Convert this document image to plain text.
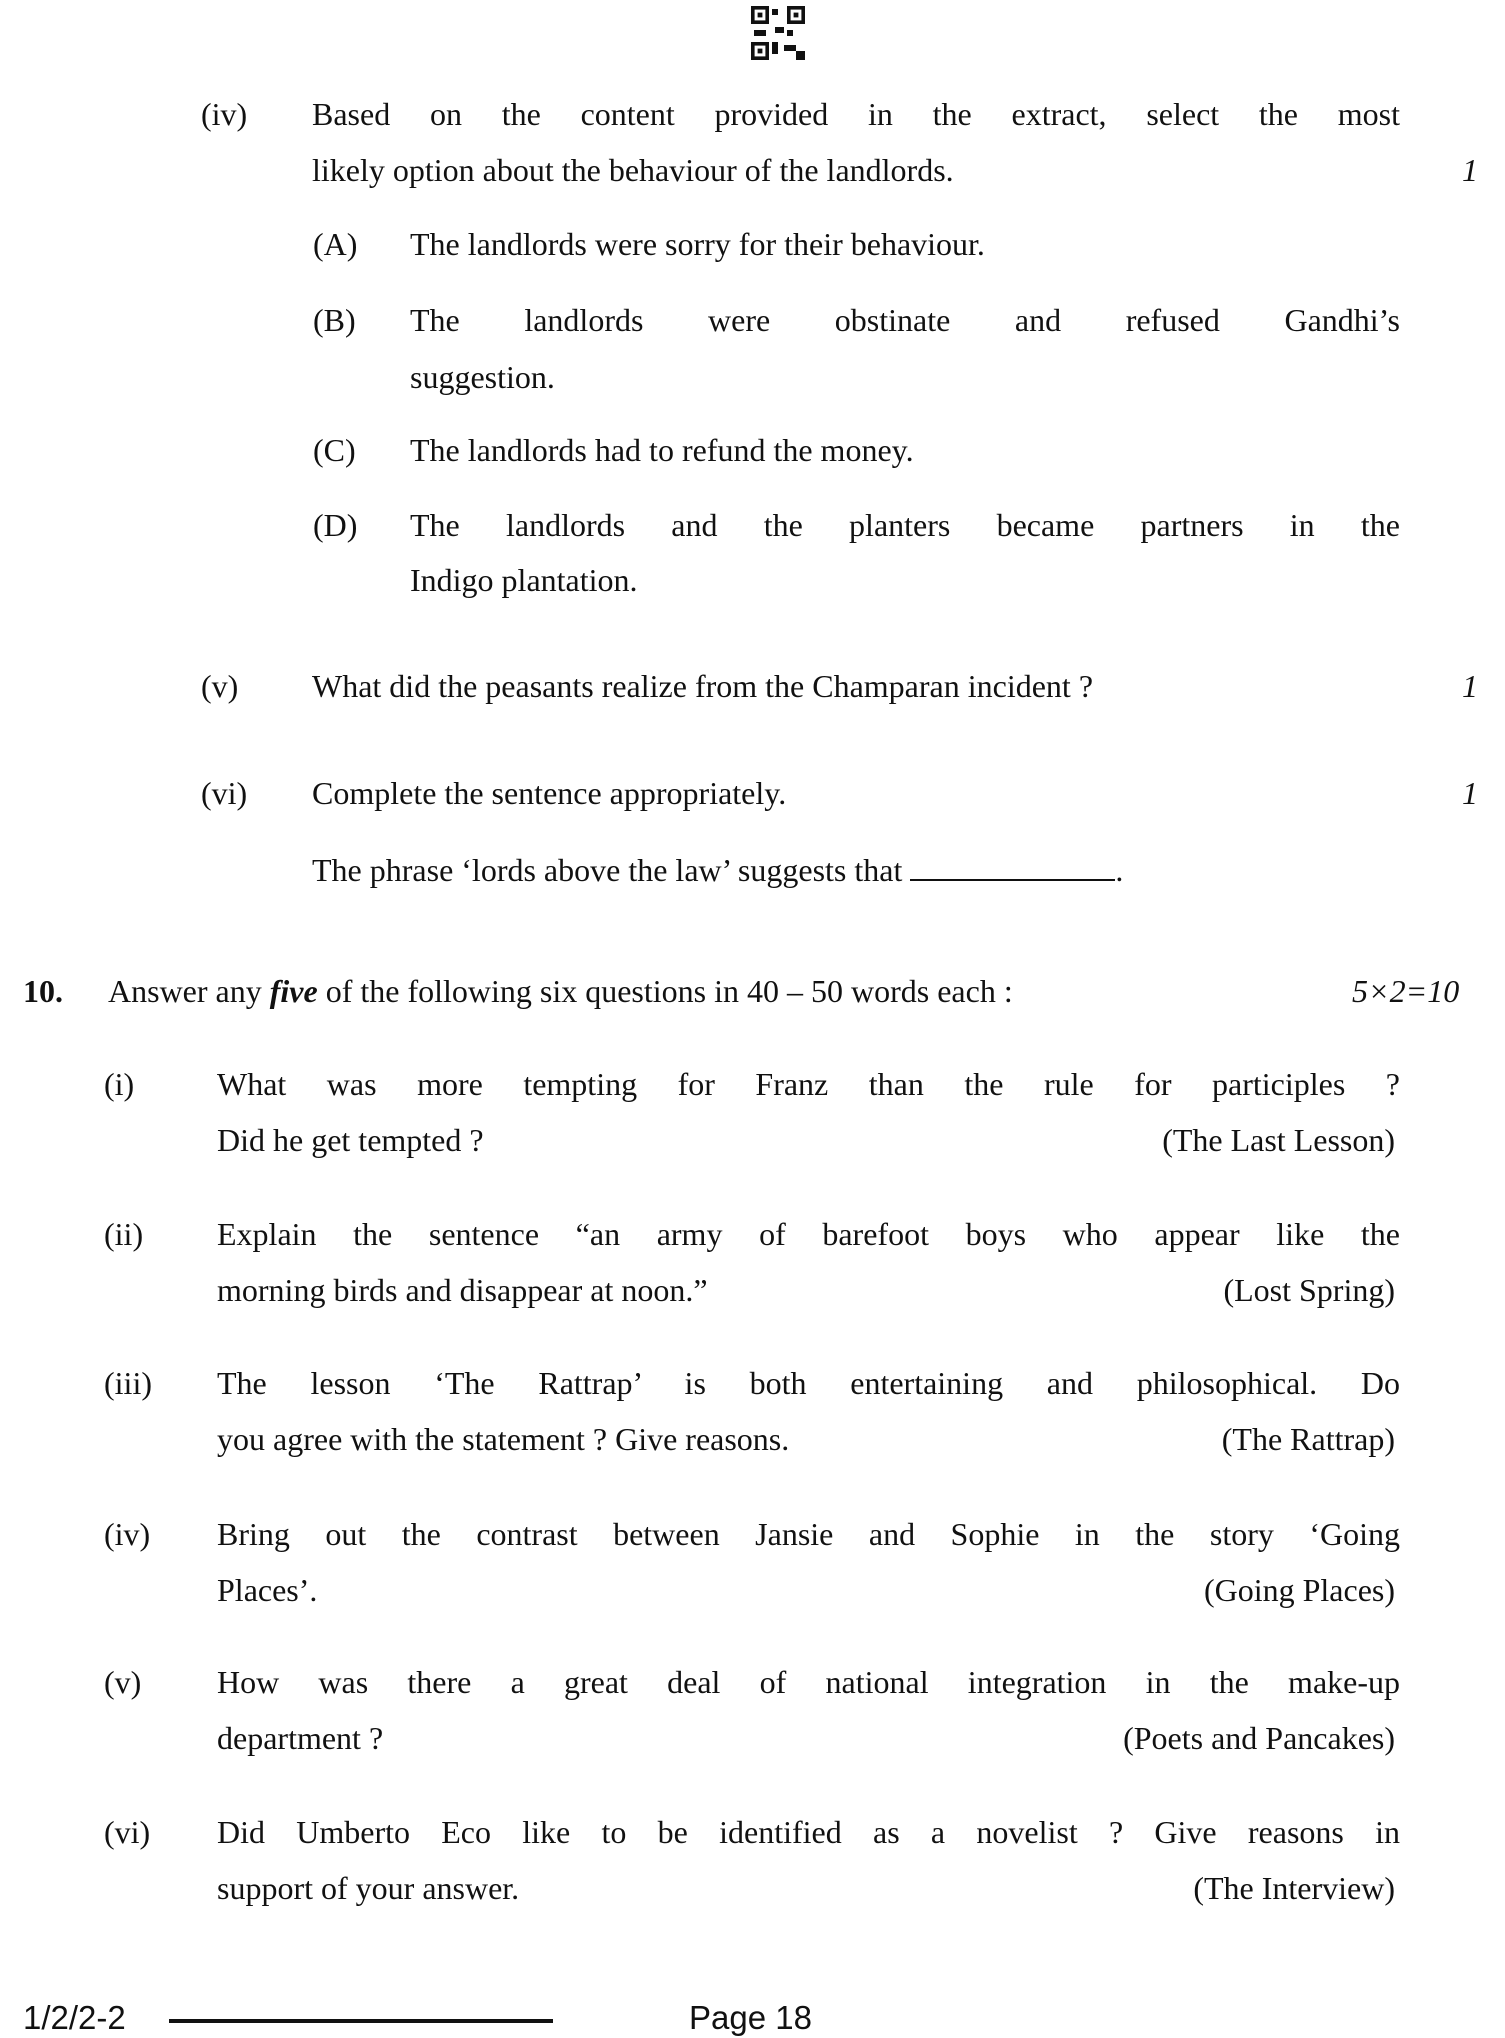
(iv) Based on the content provided in the extract, select the most
likely option about the behaviour of the landlords.	1
(A) The landlords were sorry for their behaviour.
(B) The landlords were obstinate and refused Gandhi’s
suggestion.
(C) The landlords had to refund the money.
(D) The landlords and the planters became partners in the
Indigo plantation.
(v) What did the peasants realize from the Champaran incident ?	1
(vi) Complete the sentence appropriately.	1
The phrase ‘lords above the law’ suggests that	.
10. Answer any five of the following six questions in 40 – 50 words each :	5×2=10
(i)	What was more tempting for Franz than the rule for participles ?
Did he get tempted ?	(The Last Lesson)
(ii) Explain the sentence “an army of barefoot boys who appear like the
morning birds and disappear at noon.”	(Lost Spring)
(iii) The lesson ‘The Rattrap’ is both entertaining and philosophical. Do
you agree with the statement ? Give reasons.	(The Rattrap)
(iv) Bring out the contrast between Jansie and Sophie in the story ‘Going
Places’.	(Going Places)
(v) How was there a great deal of national integration in the make-up
department ?	(Poets and Pancakes)
(vi) Did Umberto Eco like to be identified as a novelist ? Give reasons in
support of your answer.	(The Interview)
1/2/2-2	Page 18
